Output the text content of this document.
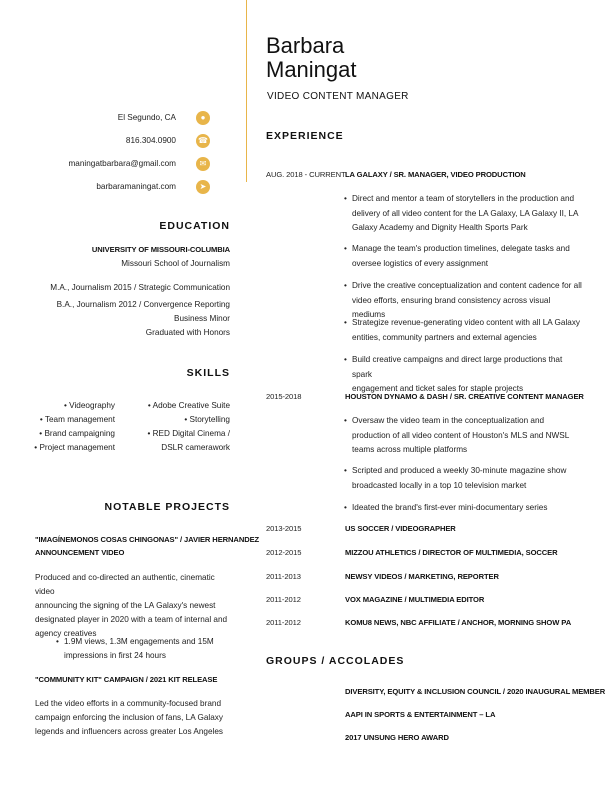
Barbara
Maningat
VIDEO CONTENT MANAGER
El Segundo, CA	●
816.304.0900	☎
maningatbarbara@gmail.com	✉
barbaramaningat.com	➤
EDUCATION
UNIVERSITY OF MISSOURI-COLUMBIA
Missouri School of Journalism
M.A., Journalism 2015 / Strategic Communication
B.A., Journalism 2012 / Convergence Reporting
Business Minor
Graduated with Honors
SKILLS
• Videography
• Team management
• Brand campaigning
• Project management
• Adobe Creative Suite
• Storytelling
• RED Digital Cinema /
DSLR camerawork
NOTABLE PROJECTS
"IMAGÍNEMONOS COSAS CHINGONAS" / JAVIER HERNANDEZ
ANNOUNCEMENT VIDEO
Produced and co-directed an authentic, cinematic video
announcing the signing of the LA Galaxy's newest
designated player in 2020 with a team of internal and
agency creatives
• 1.9M views, 1.3M engagements and 15M
impressions in first 24 hours
"COMMUNITY KIT" CAMPAIGN / 2021 KIT RELEASE
Led the video efforts in a community-focused brand
campaign enforcing the inclusion of fans, LA Galaxy
legends and influencers across greater Los Angeles
EXPERIENCE
AUG. 2018 - CURRENT LA GALAXY / SR. MANAGER, VIDEO PRODUCTION
• Direct and mentor a team of storytellers in the production and
delivery of all video content for the LA Galaxy, LA Galaxy II, LA
Galaxy Academy and Dignity Health Sports Park
• Manage the team's production timelines, delegate tasks and
oversee logistics of every assignment
• Drive the creative conceptualization and content cadence for all
video efforts, ensuring brand consistency across visual mediums
• Strategize revenue-generating video content with all LA Galaxy
entities, community partners and external agencies
• Build creative campaigns and direct large productions that spark
engagement and ticket sales for staple projects
2015-2018	HOUSTON DYNAMO & DASH / SR. CREATIVE CONTENT MANAGER
• Oversaw the video team in the conceptualization and
production of all video content of Houston's MLS and NWSL
teams across multiple platforms
• Scripted and produced a weekly 30-minute magazine show
broadcasted locally in a top 10 television market
• Ideated the brand's first-ever mini-documentary series
2013-2015	US SOCCER / VIDEOGRAPHER
2012-2015	MIZZOU ATHLETICS / DIRECTOR OF MULTIMEDIA, SOCCER
2011-2013	NEWSY VIDEOS / MARKETING, REPORTER
2011-2012	VOX MAGAZINE / MULTIMEDIA EDITOR
2011-2012	KOMU8 NEWS, NBC AFFILIATE / ANCHOR, MORNING SHOW PA
GROUPS / ACCOLADES
DIVERSITY, EQUITY & INCLUSION COUNCIL / 2020 INAUGURAL MEMBER
AAPI IN SPORTS & ENTERTAINMENT – LA
2017 UNSUNG HERO AWARD
